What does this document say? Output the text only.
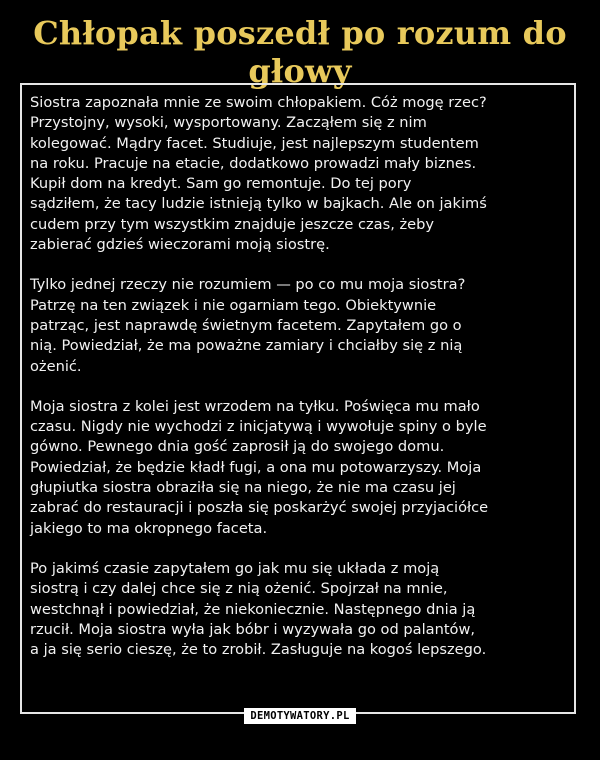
Chłopak poszedł po rozum do głowy
Siostra zapoznała mnie ze swoim chłopakiem. Cóż mogę rzec?
Przystojny, wysoki, wysportowany. Zacząłem się z nim
kolegować. Mądry facet. Studiuje, jest najlepszym studentem
na roku. Pracuje na etacie, dodatkowo prowadzi mały biznes.
Kupił dom na kredyt. Sam go remontuje. Do tej pory
sądziłem, że tacy ludzie istnieją tylko w bajkach. Ale on jakimś
cudem przy tym wszystkim znajduje jeszcze czas, żeby
zabierać gdzieś wieczorami moją siostrę.
Tylko jednej rzeczy nie rozumiem — po co mu moja siostra?
Patrzę na ten związek i nie ogarniam tego. Obiektywnie
patrząc, jest naprawdę świetnym facetem. Zapytałem go o
nią. Powiedział, że ma poważne zamiary i chciałby się z nią
ożenić.
Moja siostra z kolei jest wrzodem na tyłku. Poświęca mu mało
czasu. Nigdy nie wychodzi z inicjatywą i wywołuje spiny o byle
gówno. Pewnego dnia gość zaprosił ją do swojego domu.
Powiedział, że będzie kładł fugi, a ona mu potowarzyszy. Moja
głupiutka siostra obraziła się na niego, że nie ma czasu jej
zabrać do restauracji i poszła się poskarżyć swojej przyjaciółce
jakiego to ma okropnego faceta.
Po jakimś czasie zapytałem go jak mu się układa z moją
siostrą i czy dalej chce się z nią ożenić. Spojrzał na mnie,
westchnął i powiedział, że niekoniecznie. Następnego dnia ją
rzucił. Moja siostra wyła jak bóbr i wyzywała go od palantów,
a ja się serio cieszę, że to zrobił. Zasługuje na kogoś lepszego.
DEMOTYWATORY.PL
